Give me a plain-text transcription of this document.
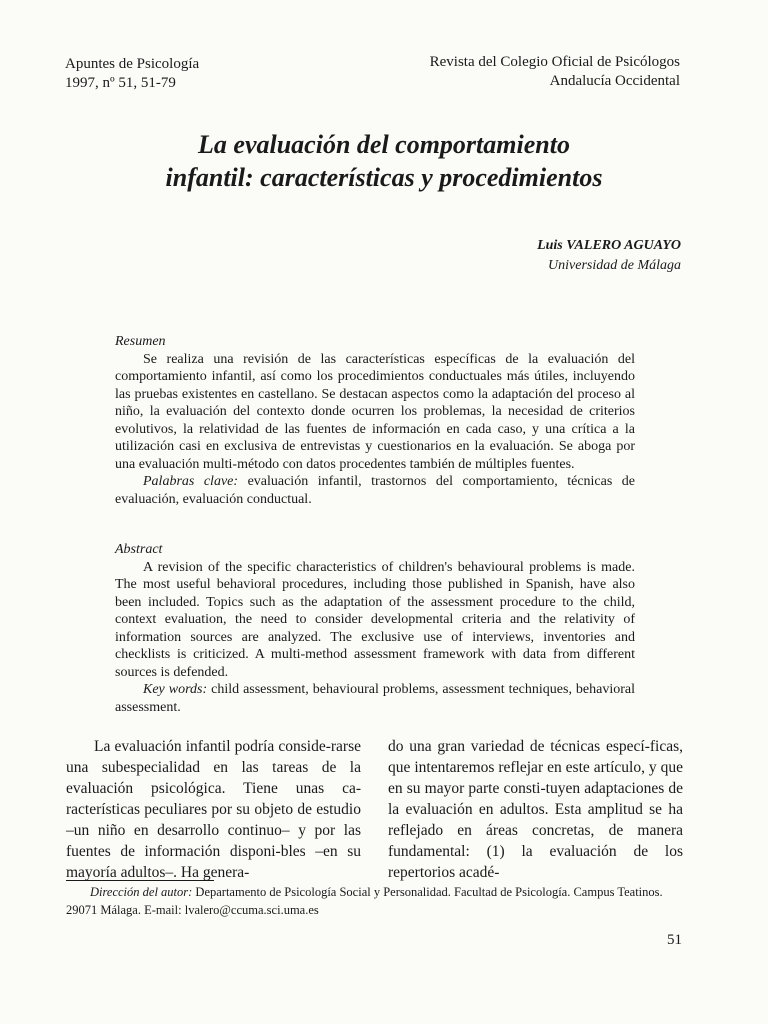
Apuntes de Psicología
1997, nº 51, 51-79
Revista del Colegio Oficial de Psicólogos
Andalucía Occidental
La evaluación del comportamiento
infantil: características y procedimientos
Luis VALERO AGUAYO
Universidad de Málaga
Resumen

Se realiza una revisión de las características específicas de la evaluación del comportamiento infantil, así como los procedimientos conductuales más útiles, incluyendo las pruebas existentes en castellano. Se destacan aspectos como la adaptación del proceso al niño, la evaluación del contexto donde ocurren los problemas, la necesidad de criterios evolutivos, la relatividad de las fuentes de información en cada caso, y una crítica a la utilización casi en exclusiva de entrevistas y cuestionarios en la evaluación. Se aboga por una evaluación multi-método con datos procedentes también de múltiples fuentes.

Palabras clave: evaluación infantil, trastornos del comportamiento, técnicas de evaluación, evaluación conductual.

Abstract

A revision of the specific characteristics of children's behavioural problems is made. The most useful behavioral procedures, including those published in Spanish, have also been included. Topics such as the adaptation of the assessment procedure to the child, context evaluation, the need to consider developmental criteria and the relativity of information sources are analyzed. The exclusive use of interviews, inventories and checklists is criticized. A multi-method assessment framework with data from different sources is defended.

Key words: child assessment, behavioural problems, assessment techniques, behavioral assessment.

La evaluación infantil podría conside-rarse una subespecialidad en las tareas de la evaluación psicológica. Tiene unas ca-racterísticas peculiares por su objeto de estudio –un niño en desarrollo continuo– y por las fuentes de información disponi-bles –en su mayoría adultos–. Ha genera-

do una gran variedad de técnicas especí-ficas, que intentaremos reflejar en este artículo, y que en su mayor parte consti-tuyen adaptaciones de la evaluación en adultos. Esta amplitud se ha reflejado en áreas concretas, de manera fundamental: (1) la evaluación de los repertorios acadé-

Dirección del autor: Departamento de Psicología Social y Personalidad. Facultad de Psicología. Campus Teatinos. 29071 Málaga. E-mail: lvalero@ccuma.sci.uma.es
51
